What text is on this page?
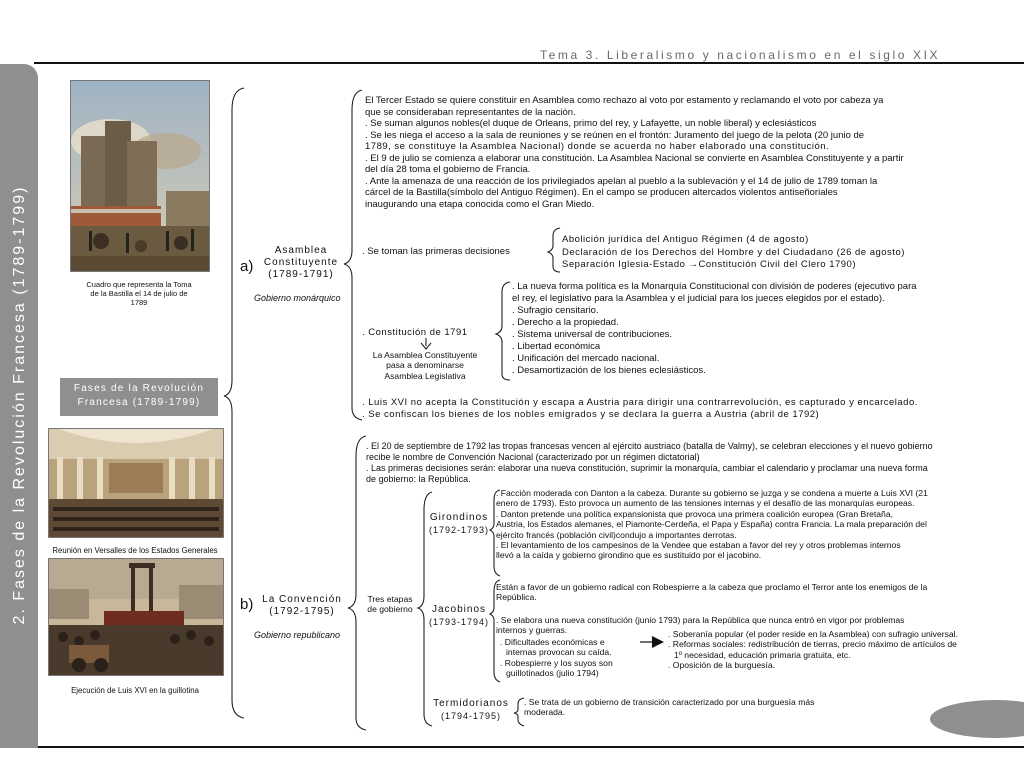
Tema 3. Liberalismo y nacionalismo en el siglo XIX
2. Fases de la Revolución Francesa (1789-1799)	Cuadro que representa la Toma
de la Bastilla el 14 de julio de
1789
Fases de la Revolución
Francesa (1789-1799)
Reunión en Versalles de los Estados Generales
Ejecución de Luis XVI en la guillotina
a)
Asamblea
Constituyente
(1789-1791)
Gobierno monárquico
El Tercer Estado se quiere constituir en Asamblea como rechazo al voto por estamento y reclamando el voto por cabeza ya
que se consideraban representantes de la nación.
. Se suman algunos nobles(el duque de Orleans, primo del rey, y Lafayette, un noble liberal) y eclesiásticos
. Se les niega el acceso a la sala de reuniones y se reúnen en el frontón: Juramento del juego de la pelota (20 junio de
1789, se constituye la Asamblea Nacional) donde se acuerda no haber elaborado una constitución.
. El 9 de julio se comienza a elaborar una constitución. La Asamblea Nacional se convierte en Asamblea Constituyente y a partir
del día 28 toma el gobierno de Francia.
. Ante la amenaza de una reacción de los privilegiados apelan al pueblo a la sublevación y el 14 de julio de 1789 toman la
cárcel de la Bastilla(símbolo del Antiguo Régimen). En el campo se producen altercados violentos antiseñoriales
inaugurando una etapa conocida como el Gran Miedo.
. Se toman las primeras decisiones
Abolición jurídica del Antiguo Régimen (4 de agosto)
Declaración de los Derechos del Hombre y del Ciudadano (26 de agosto)
Separación Iglesia-Estado →Constitución Civil del Clero 1790)
. Constitución de 1791
La Asamblea Constituyente
pasa a denominarse
Asamblea Legislativa
. La nueva forma política es la Monarquía Constitucional con división de poderes (ejecutivo para
el rey, el legislativo para la Asamblea y el judicial para los jueces elegidos por el estado).
. Sufragio censitario.
. Derecho a la propiedad.
. Sistema universal de contribuciones.
. Libertad económica
. Unificación del mercado nacional.
. Desamortización de los bienes eclesiásticos.
. Luis XVI no acepta la Constitución y escapa a Austria para dirigir una contrarrevolución, es capturado y encarcelado.
. Se confiscan los bienes de los nobles emigrados y se declara la guerra a Austria (abril de 1792)
b) La Convención
(1792-1795)
Gobierno republicano
. El 20 de septiembre de 1792 las tropas francesas vencen al ejército austriaco (batalla de Valmy), se celebran elecciones y el nuevo gobierno
recibe le nombre de Convención Nacional (caracterizado por un régimen dictatorial)
. Las primeras decisiones serán: elaborar una nueva constitución, suprimir la monarquía, cambiar el calendario y proclamar una nueva forma
de gobierno: la República.
Tres etapas
de gobierno
Girondinos
(1792-1793)
. Facción moderada con Danton a la cabeza. Durante su gobierno se juzga y se condena a muerte a Luis XVI (21
enero de 1793). Esto provoca un aumento de las tensiones internas y el desafío de las monarquías europeas.
. Danton pretende una política expansionista que provoca una primera coalición europea (Gran Bretaña,
Austria, los Estados alemanes, el Piamonte-Cerdeña, el Papa y España) contra Francia. La mala preparación del
ejército francés (población civil)condujo a importantes derrotas.
. El levantamiento de los campesinos de la Vendee que estaban a favor del rey y otros problemas internos
llevó a la caída y gobierno girondino que es sustituido por el jacobino.
Jacobinos
(1793-1794)
Están a favor de un gobierno radical con Robespierre a la cabeza que proclamo el Terror ante los enemigos de la
República.
. Se elabora una nueva constitución (junio 1793) para la República que nunca entró en vigor por problemas
internos y guerras.
. Dificultades económicas e
internas provocan su caída.
. Robespierre y los suyos son
guillotinados (julio 1794)
. Soberanía popular (el poder reside en la Asamblea) con sufragio universal.
. Reformas sociales: redistribución de tierras, precio máximo de artículos de
1º necesidad, educación primaria gratuita, etc.
. Oposición de la burguesía.
Termidorianos
(1794-1795)
. Se trata de un gobierno de transición caracterizado por una burguesía más
moderada.
